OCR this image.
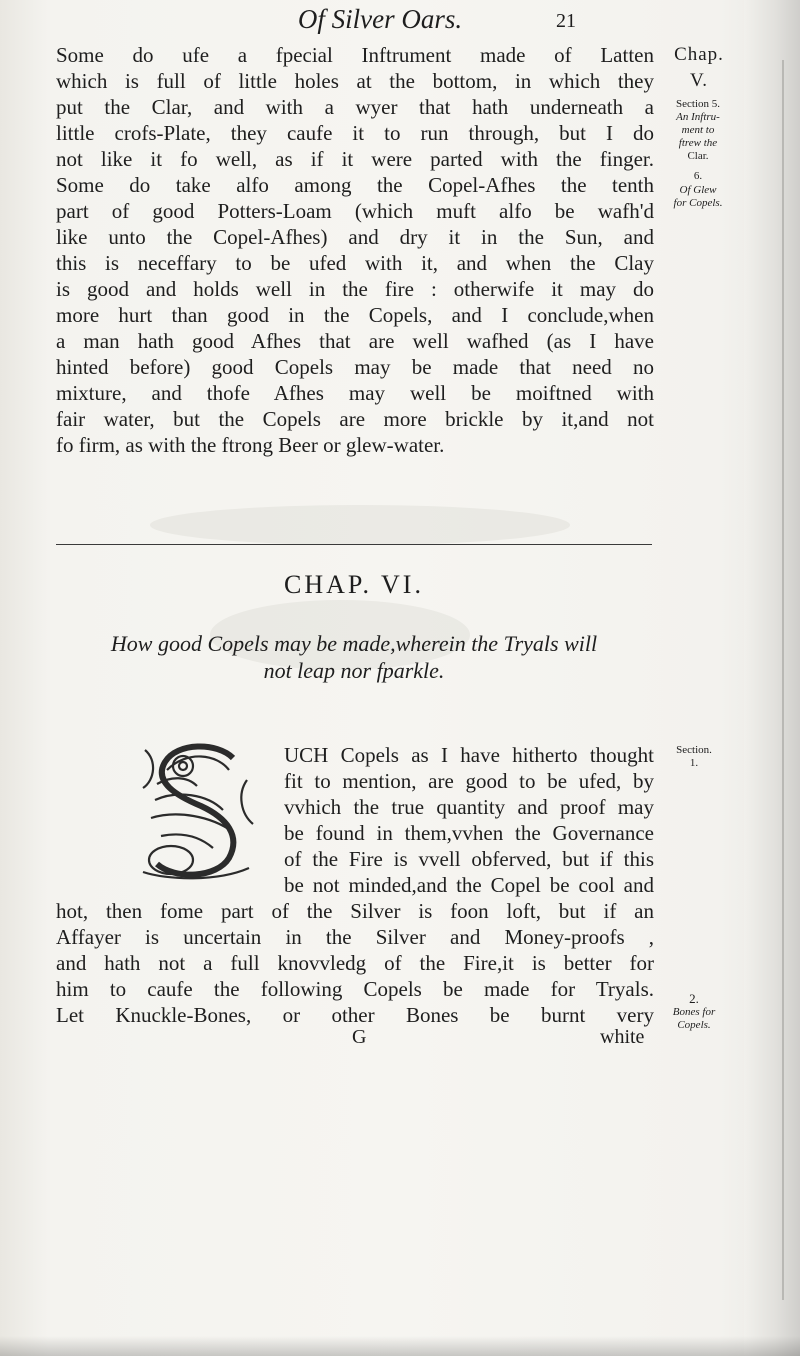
Of Silver Oars.	21
Some do ufe a fpecial Inftrument made of Latten
which is full of little holes at the bottom, in which they
put the Clar, and with a wyer that hath underneath a
little crofs-Plate, they caufe it to run through, but I do
not like it fo well, as if it were parted with the finger.
Some do take alfo among the Copel-Afhes the tenth
part of good Potters-Loam (which muft alfo be wafh'd
like unto the Copel-Afhes) and dry it in the Sun, and
this is neceffary to be ufed with it, and when the Clay
is good and holds well in the fire : otherwife it may do
more hurt than good in the Copels, and I conclude,when
a man hath good Afhes that are well wafhed (as I have
hinted before) good Copels may be made that need no
mixture, and thofe Afhes may well be moiftned with
fair water, but the Copels are more brickle by it,and not
fo firm, as with the ftrong Beer or glew-water.
Chap.
V.
Section 5.
An Inftru-
ment to
ftrew the
Clar.
6.
Of Glew
for Copels.
CHAP. VI.
How good Copels may be made,wherein the Tryals will
not leap nor fparkle.
UCH Copels as I have hitherto thought
fit to mention, are good to be ufed, by
vvhich the true quantity and proof may
be found in them,vvhen the Governance
of the Fire is vvell obferved, but if this
be not minded,and the Copel be cool and
hot, then fome part of the Silver is foon loft, but if an
Affayer is uncertain in the Silver and Money-proofs ,
and hath not a full knovvledg of the Fire,it is better for
him to caufe the following Copels be made for Tryals.
Let Knuckle-Bones, or other Bones be burnt very
Section.
1.
2.
Bones for
Copels.
G	white
